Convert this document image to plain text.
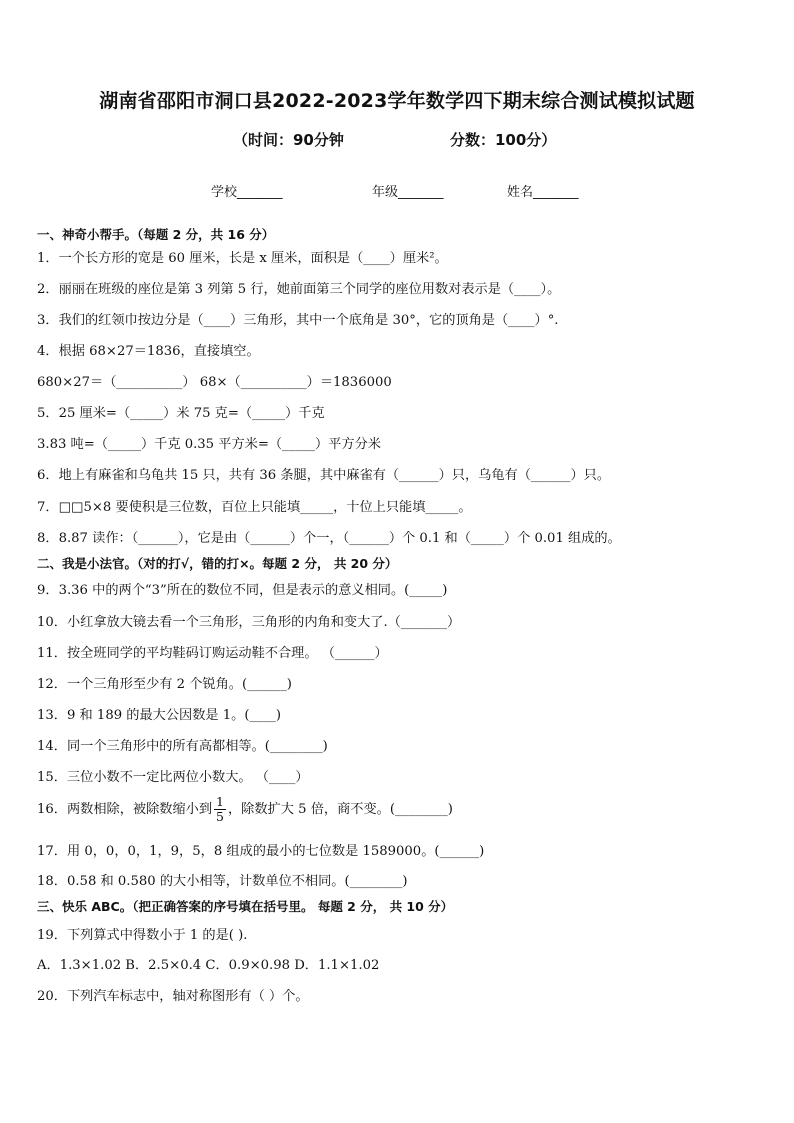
湖南省邵阳市洞口县2022-2023学年数学四下期末综合测试模拟试题
（时间：90分钟	分数：100分）
学校_______	年级_______	姓名_______
一、神奇小帮手。（每题 2 分，共 16 分）
1．一个长方形的宽是 60 厘米，长是 x 厘米，面积是（____）厘米²。
2．丽丽在班级的座位是第 3 列第 5 行，她前面第三个同学的座位用数对表示是（____）。
3．我们的红领巾按边分是（____）三角形，其中一个底角是 30°，它的顶角是（____）°.
4．根据 68×27＝1836，直接填空。
680×27＝（__________） 68×（__________）＝1836000
5．25 厘米=（_____）米 75 克=（_____）千克
3.83 吨=（_____）千克 0.35 平方米=（_____）平方分米
6．地上有麻雀和乌龟共 15 只，共有 36 条腿，其中麻雀有（______）只，乌龟有（______）只。
7．□□5×8 要使积是三位数，百位上只能填_____，十位上只能填_____。
8．8.87 读作：（______），它是由（______）个一，（______）个 0.1 和（_____）个 0.01 组成的。
二、我是小法官。（对的打√，错的打×。每题 2 分， 共 20 分）
9．3.36 中的两个“3”所在的数位不同，但是表示的意义相同。(_____)
10．小红拿放大镜去看一个三角形，三角形的内角和变大了.（_______）
11．按全班同学的平均鞋码订购运动鞋不合理。 （______）
12．一个三角形至少有 2 个锐角。(______)
13．9 和 189 的最大公因数是 1。(____)
14．同一个三角形中的所有高都相等。(________)
15．三位小数不一定比两位小数大。 （____）
16．两数相除，被除数缩小到 $\frac{1}{5}$ ，除数扩大 5 倍，商不变。(________)
17．用 0，0，0，1，9，5，8 组成的最小的七位数是 1589000。(______)
18．0.58 和 0.580 的大小相等，计数单位不相同。(________)
三、快乐 ABC。（把正确答案的序号填在括号里。 每题 2 分， 共 10 分）
19．下列算式中得数小于 1 的是( ).
A．1.3×1.02 B．2.5×0.4 C．0.9×0.98 D．1.1×1.02
20．下列汽车标志中，轴对称图形有（ ）个。
